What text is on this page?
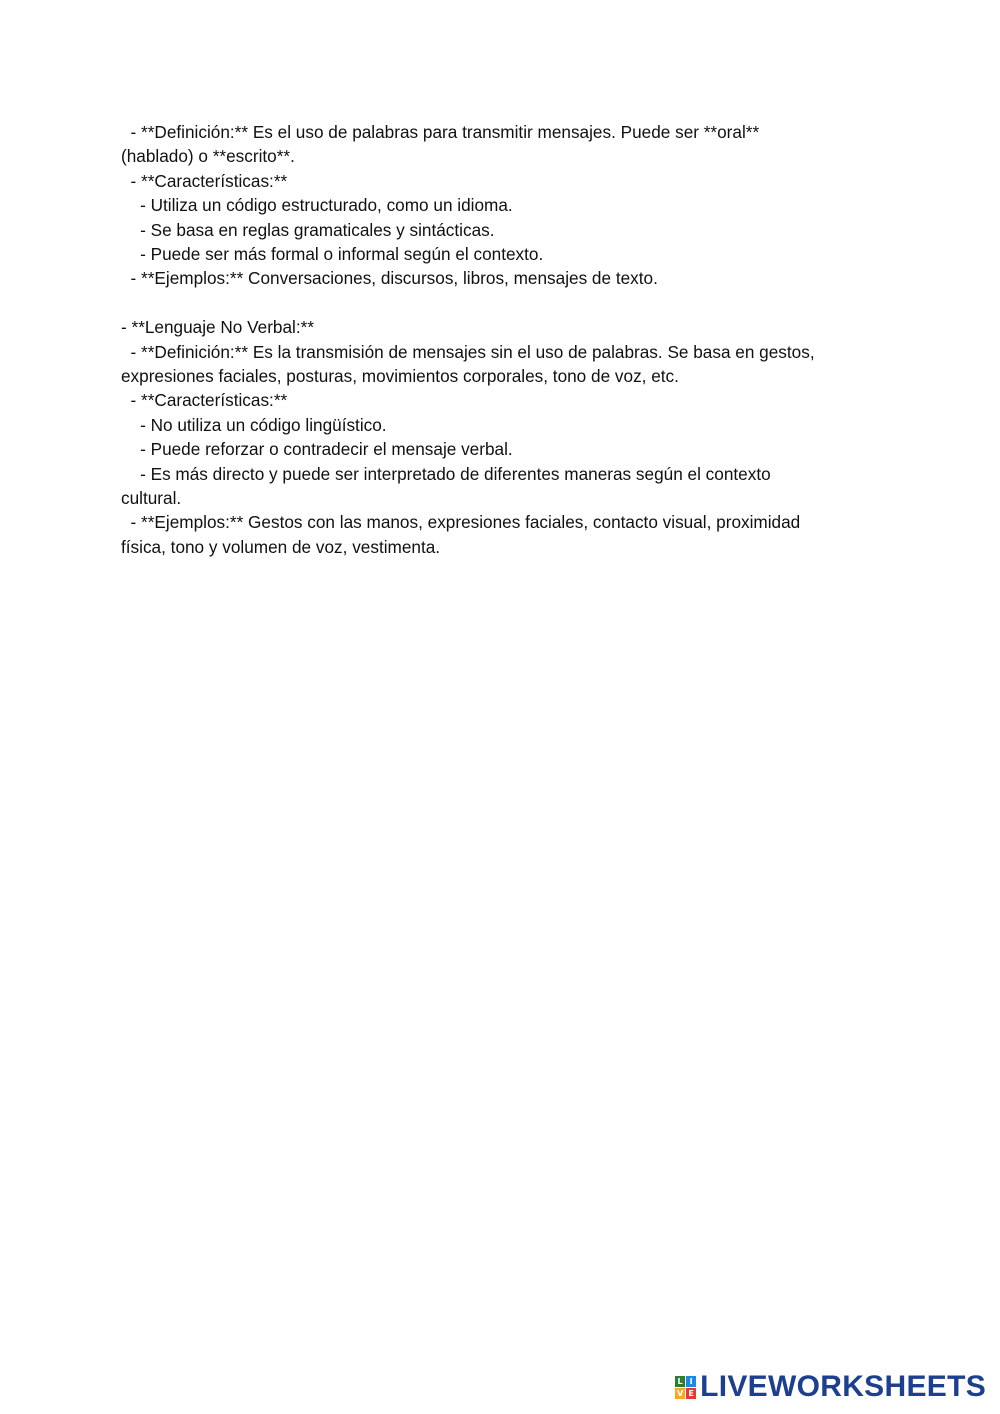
- **Definición:** Es el uso de palabras para transmitir mensajes. Puede ser **oral**

(hablado) o **escrito**.

- **Características:**

- Utiliza un código estructurado, como un idioma.

- Se basa en reglas gramaticales y sintácticas.

- Puede ser más formal o informal según el contexto.

- **Ejemplos:** Conversaciones, discursos, libros, mensajes de texto.

- **Lenguaje No Verbal:**

- **Definición:** Es la transmisión de mensajes sin el uso de palabras. Se basa en gestos,

expresiones faciales, posturas, movimientos corporales, tono de voz, etc.

- **Características:**

- No utiliza un código lingüístico.

- Puede reforzar o contradecir el mensaje verbal.

- Es más directo y puede ser interpretado de diferentes maneras según el contexto

cultural.

- **Ejemplos:** Gestos con las manos, expresiones faciales, contacto visual, proximidad

física, tono y volumen de voz, vestimenta.

L I
V E LIVEWORKSHEETS
